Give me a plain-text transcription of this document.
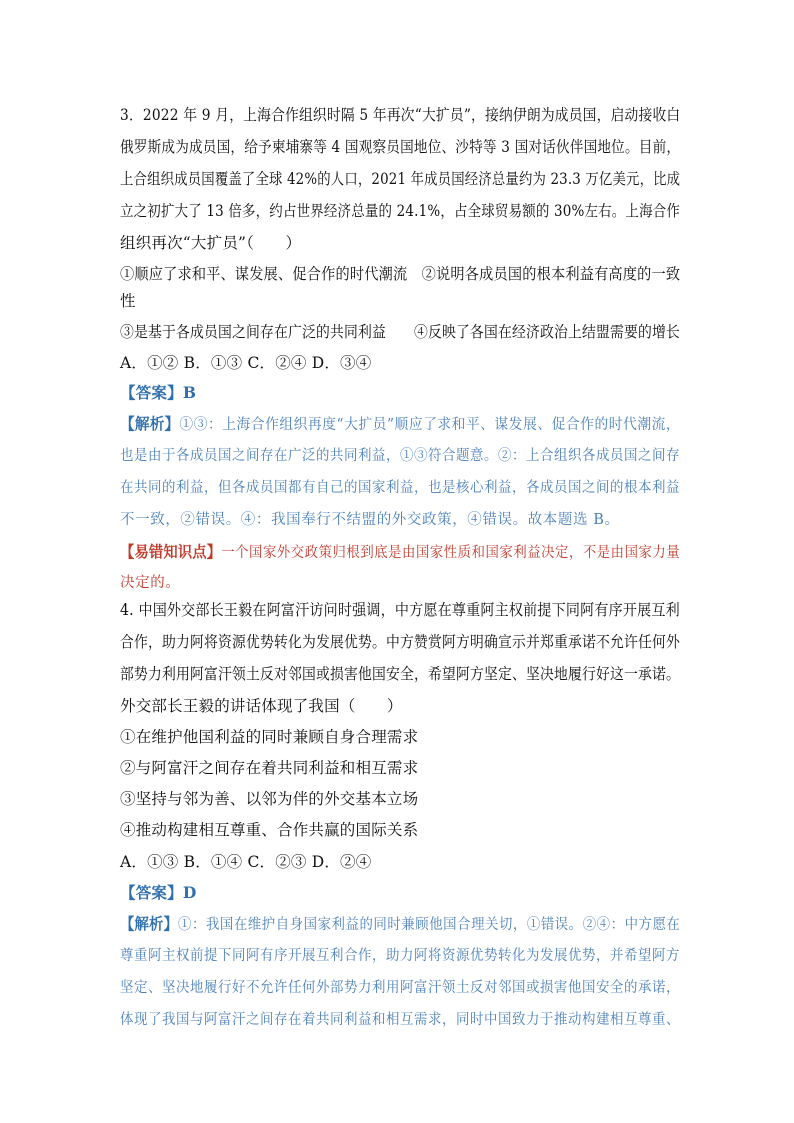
3．2022 年 9 月，上海合作组织时隔 5 年再次“大扩员”，接纳伊朗为成员国，启动接收白
俄罗斯成为成员国，给予柬埔寨等 4 国观察员国地位、沙特等 3 国对话伙伴国地位。目前，
上合组织成员国覆盖了全球 42%的人口，2021 年成员国经济总量约为 23.3 万亿美元，比成
立之初扩大了 13 倍多，约占世界经济总量的 24.1%，占全球贸易额的 30%左右。上海合作
组织再次“大扩员”（　　）
①顺应了求和平、谋发展、促合作的时代潮流　②说明各成员国的根本利益有高度的一致
性
③是基于各成员国之间存在广泛的共同利益　　④反映了各国在经济政治上结盟需要的增长
A．①② B．①③ C．②④ D．③④
【答案】B
【解析】①③：上海合作组织再度“大扩员”顺应了求和平、谋发展、促合作的时代潮流，
也是由于各成员国之间存在广泛的共同利益，①③符合题意。②：上合组织各成员国之间存
在共同的利益，但各成员国都有自己的国家利益，也是核心利益，各成员国之间的根本利益
不一致，②错误。④：我国奉行不结盟的外交政策，④错误。故本题选 B。
【易错知识点】一个国家外交政策归根到底是由国家性质和国家利益决定，不是由国家力量
决定的。
4. 中国外交部长王毅在阿富汗访问时强调，中方愿在尊重阿主权前提下同阿有序开展互利
合作，助力阿将资源优势转化为发展优势。中方赞赏阿方明确宣示并郑重承诺不允许任何外
部势力利用阿富汗领土反对邻国或损害他国安全，希望阿方坚定、坚决地履行好这一承诺。
外交部长王毅的讲话体现了我国（　　）
①在维护他国利益的同时兼顾自身合理需求
②与阿富汗之间存在着共同利益和相互需求
③坚持与邻为善、以邻为伴的外交基本立场
④推动构建相互尊重、合作共赢的国际关系
A．①③ B．①④ C．②③ D．②④
【答案】D
【解析】①：我国在维护自身国家利益的同时兼顾他国合理关切，①错误。②④：中方愿在
尊重阿主权前提下同阿有序开展互利合作，助力阿将资源优势转化为发展优势，并希望阿方
坚定、坚决地履行好不允许任何外部势力利用阿富汗领土反对邻国或损害他国安全的承诺，
体现了我国与阿富汗之间存在着共同利益和相互需求，同时中国致力于推动构建相互尊重、
